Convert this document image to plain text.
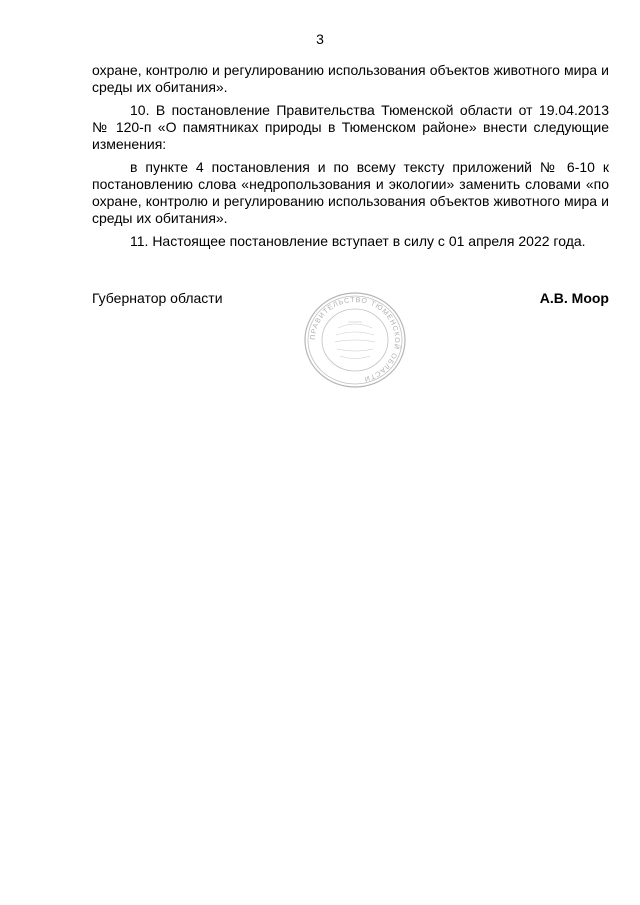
3

охране, контролю и регулированию использования объектов животного мира и среды их обитания».

10. В постановление Правительства Тюменской области от 19.04.2013 № 120-п «О памятниках природы в Тюменском районе» внести следующие изменения:

в пункте 4 постановления и по всему тексту приложений № 6-10 к постановлению слова «недропользования и экологии» заменить словами «по охране, контролю и регулированию использования объектов животного мира и среды их обитания».

11. Настоящее постановление вступает в силу с 01 апреля 2022 года.

Губернатор области	А.В. Моор
ПРАВИТЕЛЬСТВО ТЮМЕНСКОЙ ОБЛАСТИ
